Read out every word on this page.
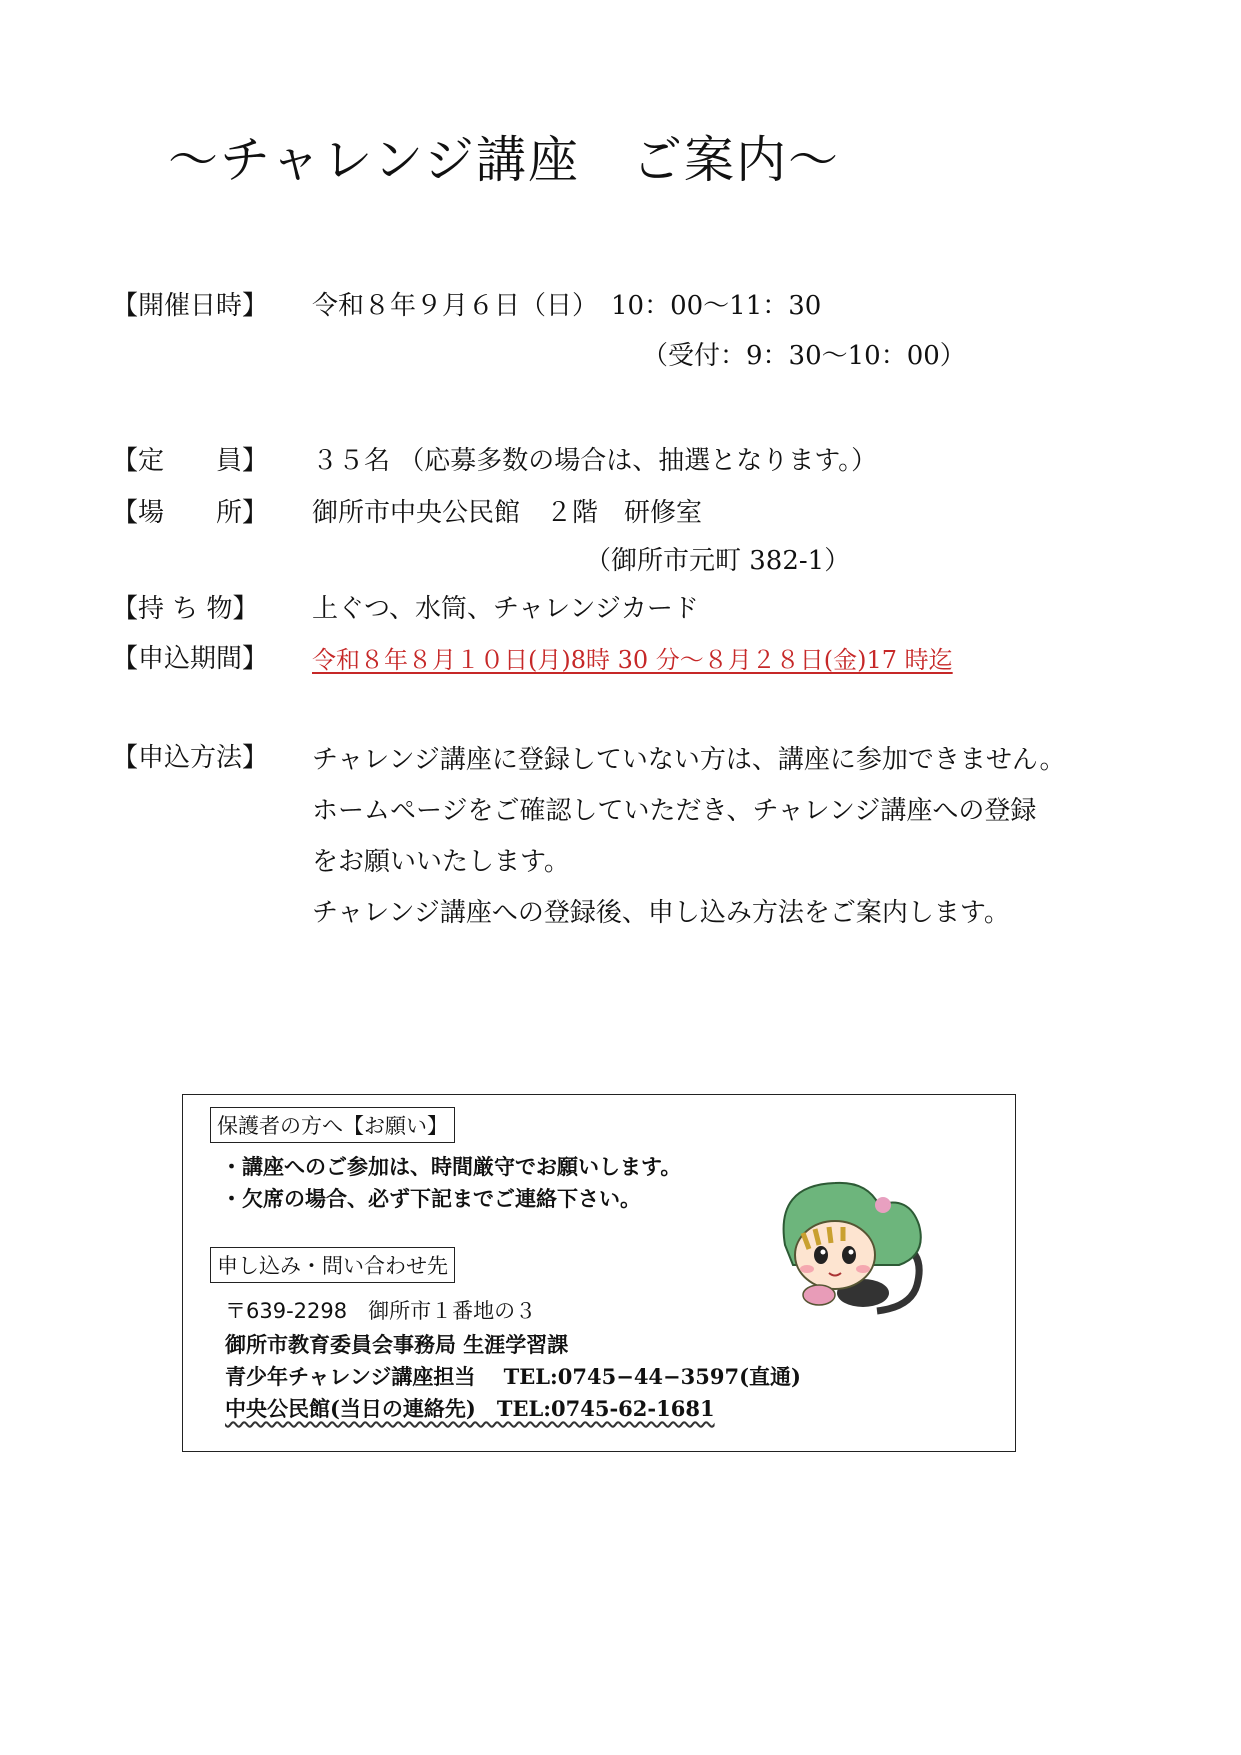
～チャレンジ講座　ご案内～
【開催日時】	令和８年９月６日（日）　10：00～11：30
（受付：9：30～10：00）
【定　　員】	３５名 （応募多数の場合は、抽選となります。）
【場　　所】	御所市中央公民館　２階　研修室
（御所市元町 382-1）
【持 ち 物】	上ぐつ、水筒、チャレンジカード
【申込期間】	令和８年８月１０日(月)8時 30 分～８月２８日(金)17 時迄
【申込方法】	チャレンジ講座に登録していない方は、講座に参加できません。
ホームページをご確認していただき、チャレンジ講座への登録
をお願いいたします。
チャレンジ講座への登録後、申し込み方法をご案内します。
保護者の方へ【お願い】
・講座へのご参加は、時間厳守でお願いします。
・欠席の場合、必ず下記までご連絡下さい。
申し込み・問い合わせ先
〒639-2298　御所市１番地の３
御所市教育委員会事務局 生涯学習課
青少年チャレンジ講座担当　 TEL:0745−44−3597(直通)
中央公民館(当日の連絡先)　TEL:0745-62-1681
